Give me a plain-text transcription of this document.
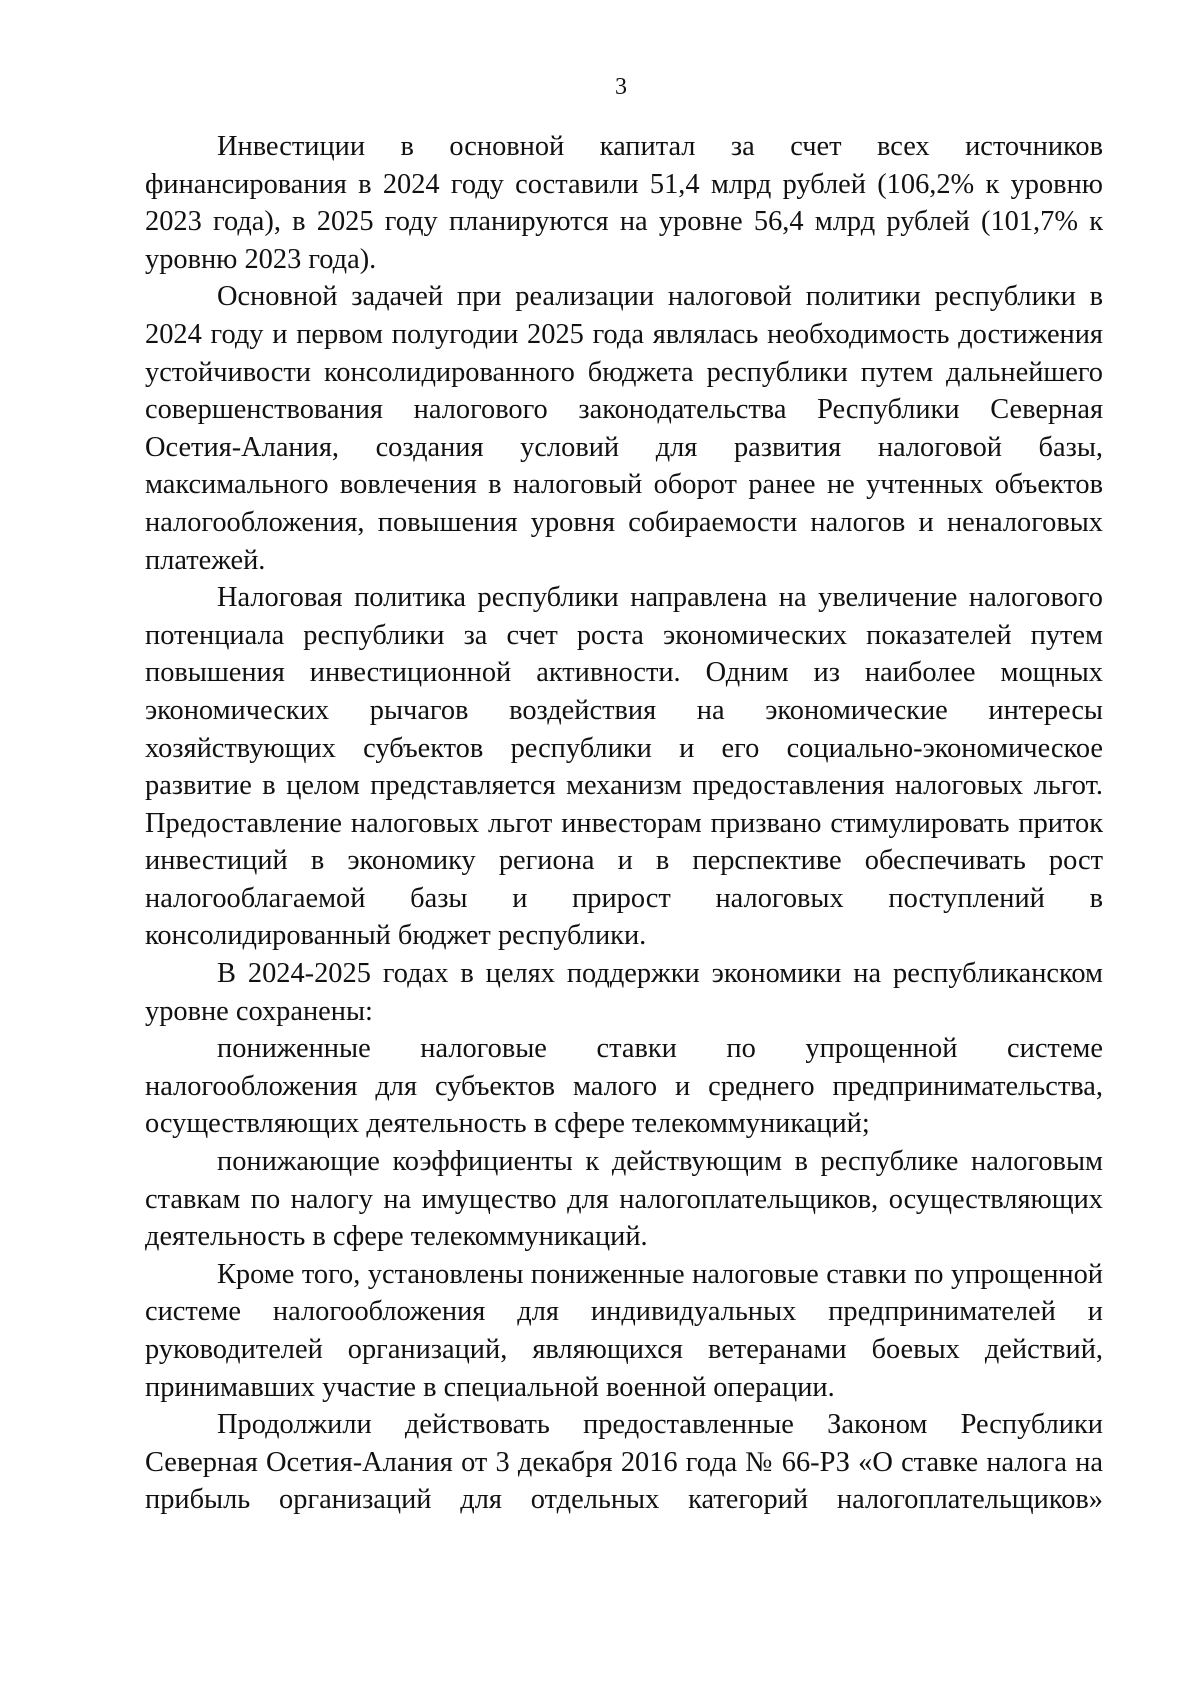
3

Инвестиции в основной капитал за счет всех источников финансирования в 2024 году составили 51,4 млрд рублей (106,2% к уровню 2023 года), в 2025 году планируются на уровне 56,4 млрд рублей (101,7% к уровню 2023 года).

Основной задачей при реализации налоговой политики республики в 2024 году и первом полугодии 2025 года являлась необходимость достижения устойчивости консолидированного бюджета республики путем дальнейшего совершенствования налогового законодательства Республики Северная Осетия-Алания, создания условий для развития налоговой базы, максимального вовлечения в налоговый оборот ранее не учтенных объектов налогообложения, повышения уровня собираемости налогов и неналоговых платежей.

Налоговая политика республики направлена на увеличение налогового потенциала республики за счет роста экономических показателей путем повышения инвестиционной активности. Одним из наиболее мощных экономических рычагов воздействия на экономические интересы хозяйствующих субъектов республики и его социально-экономическое развитие в целом представляется механизм предоставления налоговых льгот. Предоставление налоговых льгот инвесторам призвано стимулировать приток инвестиций в экономику региона и в перспективе обеспечивать рост налогооблагаемой базы и прирост налоговых поступлений в консолидированный бюджет республики.

В 2024-2025 годах в целях поддержки экономики на республиканском уровне сохранены:

пониженные налоговые ставки по упрощенной системе налогообложения для субъектов малого и среднего предпринимательства, осуществляющих деятельность в сфере телекоммуникаций;

понижающие коэффициенты к действующим в республике налоговым ставкам по налогу на имущество для налогоплательщиков, осуществляющих деятельность в сфере телекоммуникаций.

Кроме того, установлены пониженные налоговые ставки по упрощенной системе налогообложения для индивидуальных предпринимателей и руководителей организаций, являющихся ветеранами боевых действий, принимавших участие в специальной военной операции.

Продолжили действовать предоставленные Законом Республики Северная Осетия-Алания от 3 декабря 2016 года № 66-РЗ «О ставке налога на прибыль организаций для отдельных категорий налогоплательщиков»
